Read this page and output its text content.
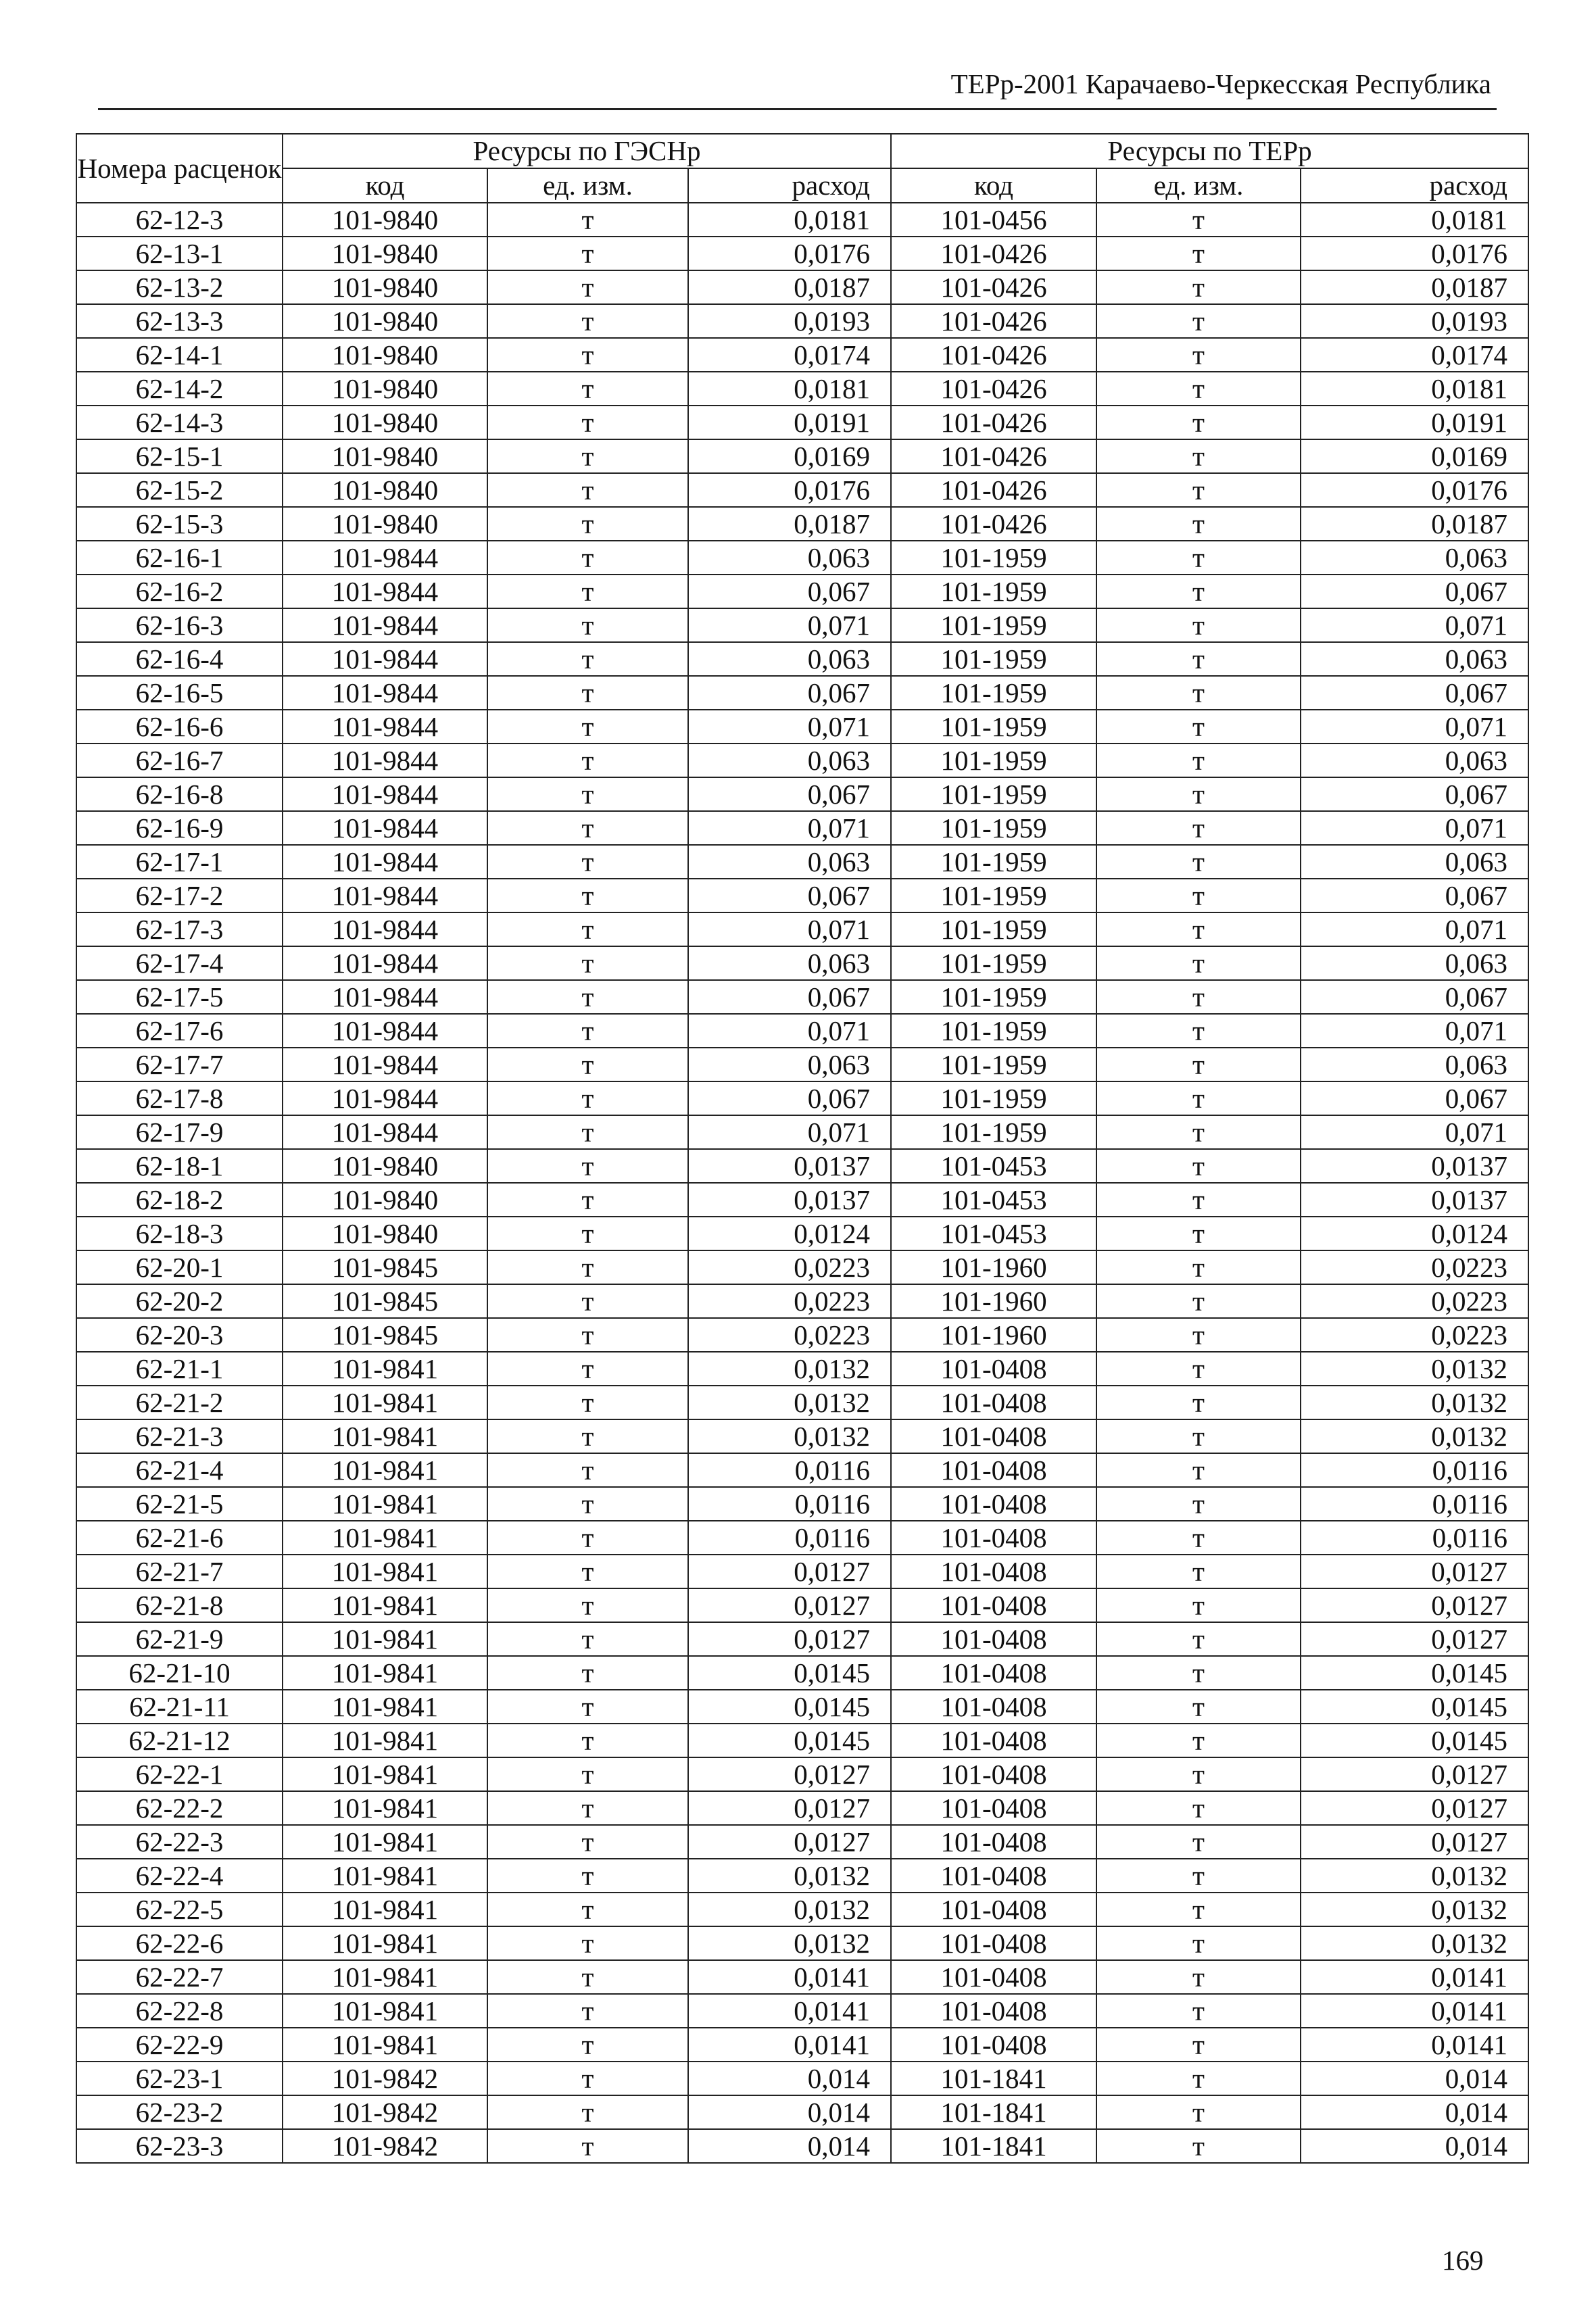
ТЕРр-2001 Карачаево-Черкесская Республика
Номера расценок	Ресурсы по ГЭСНр			Ресурсы по ТЕРр		
	код	ед. изм.	расход	код	ед. изм.	расход
62-12-3	101-9840	т	0,0181	101-0456	т	0,0181
62-13-1	101-9840	т	0,0176	101-0426	т	0,0176
62-13-2	101-9840	т	0,0187	101-0426	т	0,0187
62-13-3	101-9840	т	0,0193	101-0426	т	0,0193
62-14-1	101-9840	т	0,0174	101-0426	т	0,0174
62-14-2	101-9840	т	0,0181	101-0426	т	0,0181
62-14-3	101-9840	т	0,0191	101-0426	т	0,0191
62-15-1	101-9840	т	0,0169	101-0426	т	0,0169
62-15-2	101-9840	т	0,0176	101-0426	т	0,0176
62-15-3	101-9840	т	0,0187	101-0426	т	0,0187
62-16-1	101-9844	т	0,063	101-1959	т	0,063
62-16-2	101-9844	т	0,067	101-1959	т	0,067
62-16-3	101-9844	т	0,071	101-1959	т	0,071
62-16-4	101-9844	т	0,063	101-1959	т	0,063
62-16-5	101-9844	т	0,067	101-1959	т	0,067
62-16-6	101-9844	т	0,071	101-1959	т	0,071
62-16-7	101-9844	т	0,063	101-1959	т	0,063
62-16-8	101-9844	т	0,067	101-1959	т	0,067
62-16-9	101-9844	т	0,071	101-1959	т	0,071
62-17-1	101-9844	т	0,063	101-1959	т	0,063
62-17-2	101-9844	т	0,067	101-1959	т	0,067
62-17-3	101-9844	т	0,071	101-1959	т	0,071
62-17-4	101-9844	т	0,063	101-1959	т	0,063
62-17-5	101-9844	т	0,067	101-1959	т	0,067
62-17-6	101-9844	т	0,071	101-1959	т	0,071
62-17-7	101-9844	т	0,063	101-1959	т	0,063
62-17-8	101-9844	т	0,067	101-1959	т	0,067
62-17-9	101-9844	т	0,071	101-1959	т	0,071
62-18-1	101-9840	т	0,0137	101-0453	т	0,0137
62-18-2	101-9840	т	0,0137	101-0453	т	0,0137
62-18-3	101-9840	т	0,0124	101-0453	т	0,0124
62-20-1	101-9845	т	0,0223	101-1960	т	0,0223
62-20-2	101-9845	т	0,0223	101-1960	т	0,0223
62-20-3	101-9845	т	0,0223	101-1960	т	0,0223
62-21-1	101-9841	т	0,0132	101-0408	т	0,0132
62-21-2	101-9841	т	0,0132	101-0408	т	0,0132
62-21-3	101-9841	т	0,0132	101-0408	т	0,0132
62-21-4	101-9841	т	0,0116	101-0408	т	0,0116
62-21-5	101-9841	т	0,0116	101-0408	т	0,0116
62-21-6	101-9841	т	0,0116	101-0408	т	0,0116
62-21-7	101-9841	т	0,0127	101-0408	т	0,0127
62-21-8	101-9841	т	0,0127	101-0408	т	0,0127
62-21-9	101-9841	т	0,0127	101-0408	т	0,0127
62-21-10	101-9841	т	0,0145	101-0408	т	0,0145
62-21-11	101-9841	т	0,0145	101-0408	т	0,0145
62-21-12	101-9841	т	0,0145	101-0408	т	0,0145
62-22-1	101-9841	т	0,0127	101-0408	т	0,0127
62-22-2	101-9841	т	0,0127	101-0408	т	0,0127
62-22-3	101-9841	т	0,0127	101-0408	т	0,0127
62-22-4	101-9841	т	0,0132	101-0408	т	0,0132
62-22-5	101-9841	т	0,0132	101-0408	т	0,0132
62-22-6	101-9841	т	0,0132	101-0408	т	0,0132
62-22-7	101-9841	т	0,0141	101-0408	т	0,0141
62-22-8	101-9841	т	0,0141	101-0408	т	0,0141
62-22-9	101-9841	т	0,0141	101-0408	т	0,0141
62-23-1	101-9842	т	0,014	101-1841	т	0,014
62-23-2	101-9842	т	0,014	101-1841	т	0,014
62-23-3	101-9842	т	0,014	101-1841	т	0,014
169
